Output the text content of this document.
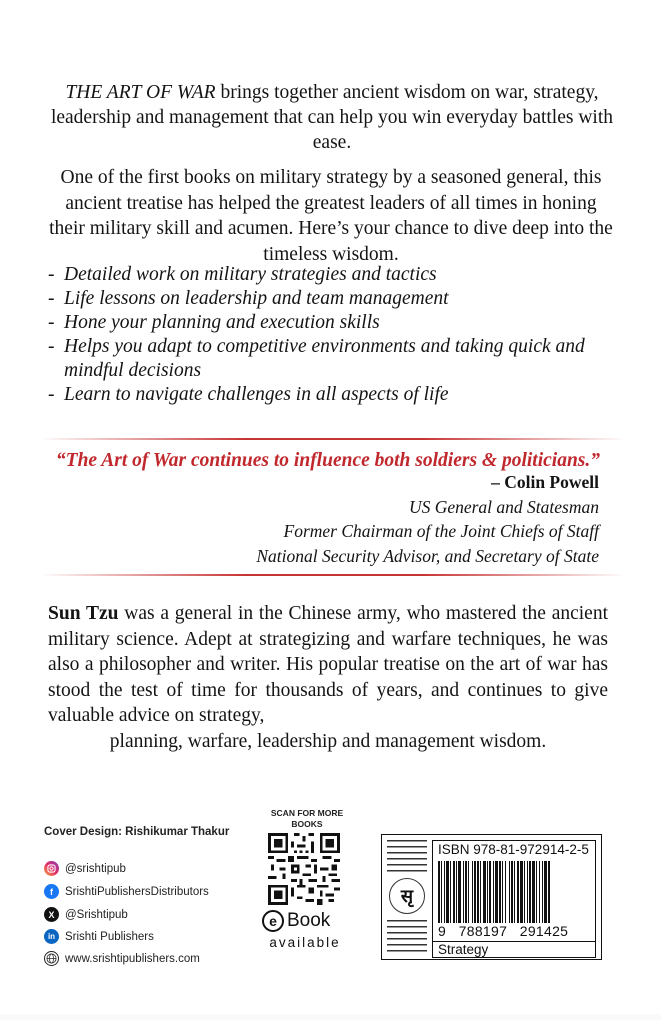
THE ART OF WAR brings together ancient wisdom on war, strategy, leadership and management that can help you win everyday battles with ease.
One of the first books on military strategy by a seasoned general, this ancient treatise has helped the greatest leaders of all times in honing their military skill and acumen. Here’s your chance to dive deep into the timeless wisdom.
- Detailed work on military strategies and tactics
- Life lessons on leadership and team management
- Hone your planning and execution skills
- Helps you adapt to competitive environments and taking quick and mindful decisions
- Learn to navigate challenges in all aspects of life
“The Art of War continues to influence both soldiers & politicians.”
– Colin Powell
US General and Statesman
Former Chairman of the Joint Chiefs of Staff
National Security Advisor, and Secretary of State
Sun Tzu was a general in the Chinese army, who mastered the ancient military science. Adept at strategizing and warfare techniques, he was also a philosopher and writer. His popular treatise on the art of war has stood the test of time for thousands of years, and continues to give valuable advice on strategy,
planning, warfare, leadership and management wisdom.
Cover Design: Rishikumar Thakur
@srishtipub
f	SrishtiPublishersDistributors
X @Srishtipub
in Srishti Publishers
www.srishtipublishers.com
SCAN FOR MORE BOOKS
e Book
available
सृ
ISBN 978-81-972914-2-5
9   788197   291425
Strategy
